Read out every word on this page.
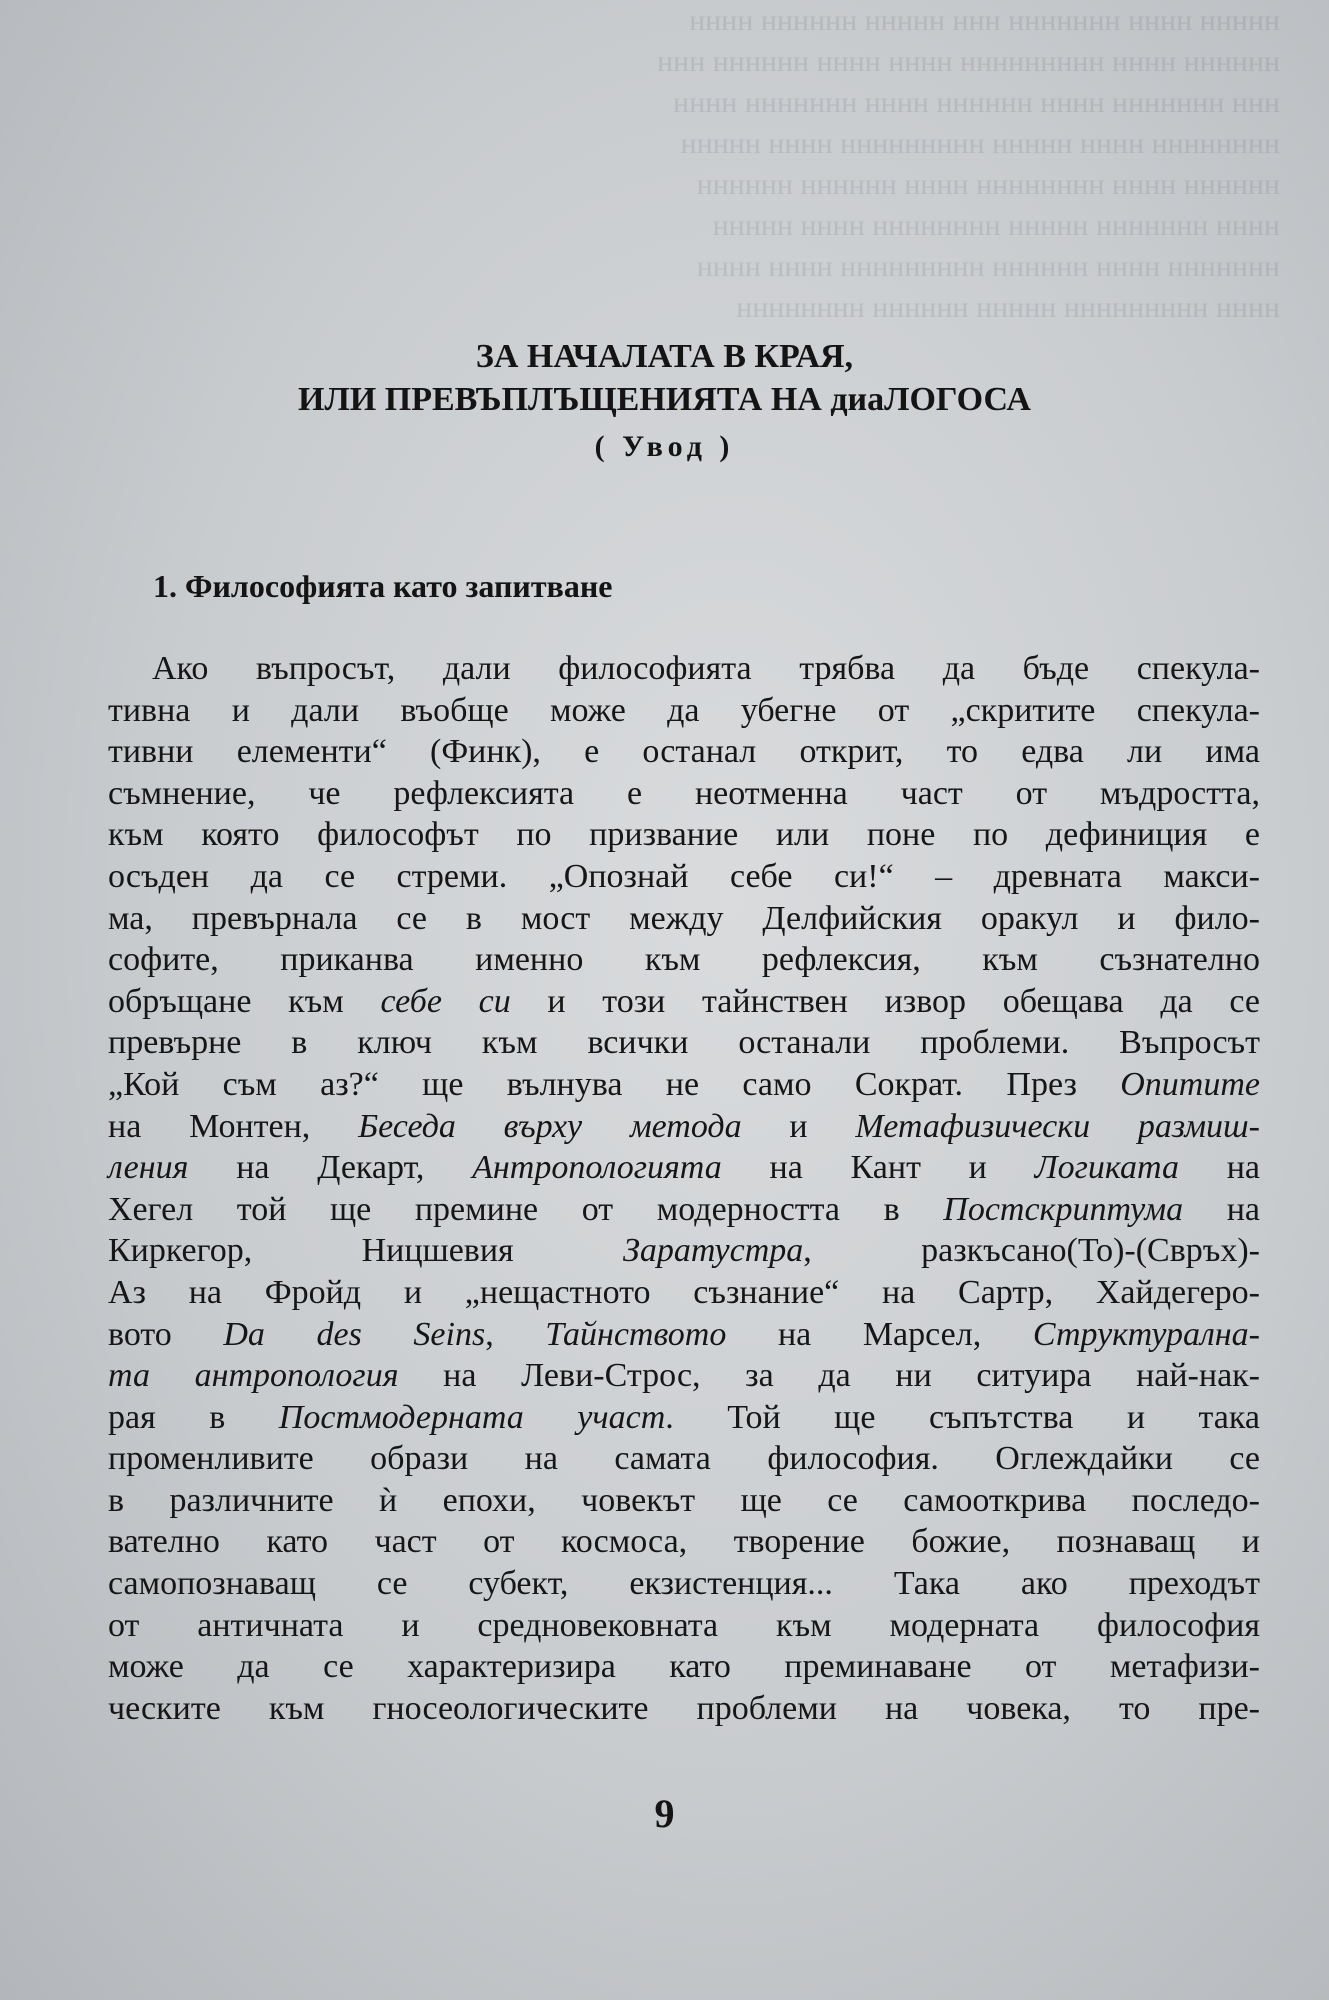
ннннн нннн ннннннн ннн ннннн нннннн нннн
нннннн нннн ннннннннн нннн нннн нннннн ннн
ннн ннннннн нннн нннннн нннн ннннннн нннн
нннннннн нннн ннннн ннннннннн нннн ннннн
нннннн нннн нннннннн нннн нннннн нннннн
нннн ннннннн ннннн нннннннн нннн ннннн
ннннннн нннн нннннн ннннннннн нннн нннн
нннн ннннннннн ннннн нннннн нннннннн
ЗА НАЧАЛАТА В КРАЯ,
ИЛИ ПРЕВЪПЛЪЩЕНИЯТА НА диаЛОГОСА
( Увод )
1. Философията като запитване
Ако въпросът, дали философията трябва да бъде спекула-
тивна и дали въобще може да убегне от „скритите спекула-
тивни елементи“ (Финк), е останал открит, то едва ли има
съмнение, че рефлексията е неотменна част от мъдростта,
към която философът по призвание или поне по дефиниция е
осъден да се стреми. „Опознай себе си!“ – древната макси-
ма, превърнала се в мост между Делфийския оракул и фило-
софите, приканва именно към рефлексия, към съзнателно
обръщане към себе си и този тайнствен извор обещава да се
превърне в ключ към всички останали проблеми. Въпросът
„Кой съм аз?“ ще вълнува не само Сократ. През Опитите
на Монтен, Беседа върху метода и Метафизически размиш-
ления на Декарт, Антропологията на Кант и Логиката на
Хегел той ще премине от модерността в Постскриптума на
Киркегор, Ницшевия Заратустра, разкъсано(То)-(Свръх)-
Аз на Фройд и „нещастното съзнание“ на Сартр, Хайдегеро-
вото Da des Seins, Тайнството на Марсел, Структурална-
та антропология на Леви-Строс, за да ни ситуира най-нак-
рая в Постмодерната участ. Той ще съпътства и така
променливите образи на самата философия. Оглеждайки се
в различните ѝ епохи, човекът ще се самооткрива последо-
вателно като част от космоса, творение божие, познаващ и
самопознаващ се субект, екзистенция... Така ако преходът
от античната и средновековната към модерната философия
може да се характеризира като преминаване от метафизи-
ческите към гносеологическите проблеми на човека, то пре-
9
